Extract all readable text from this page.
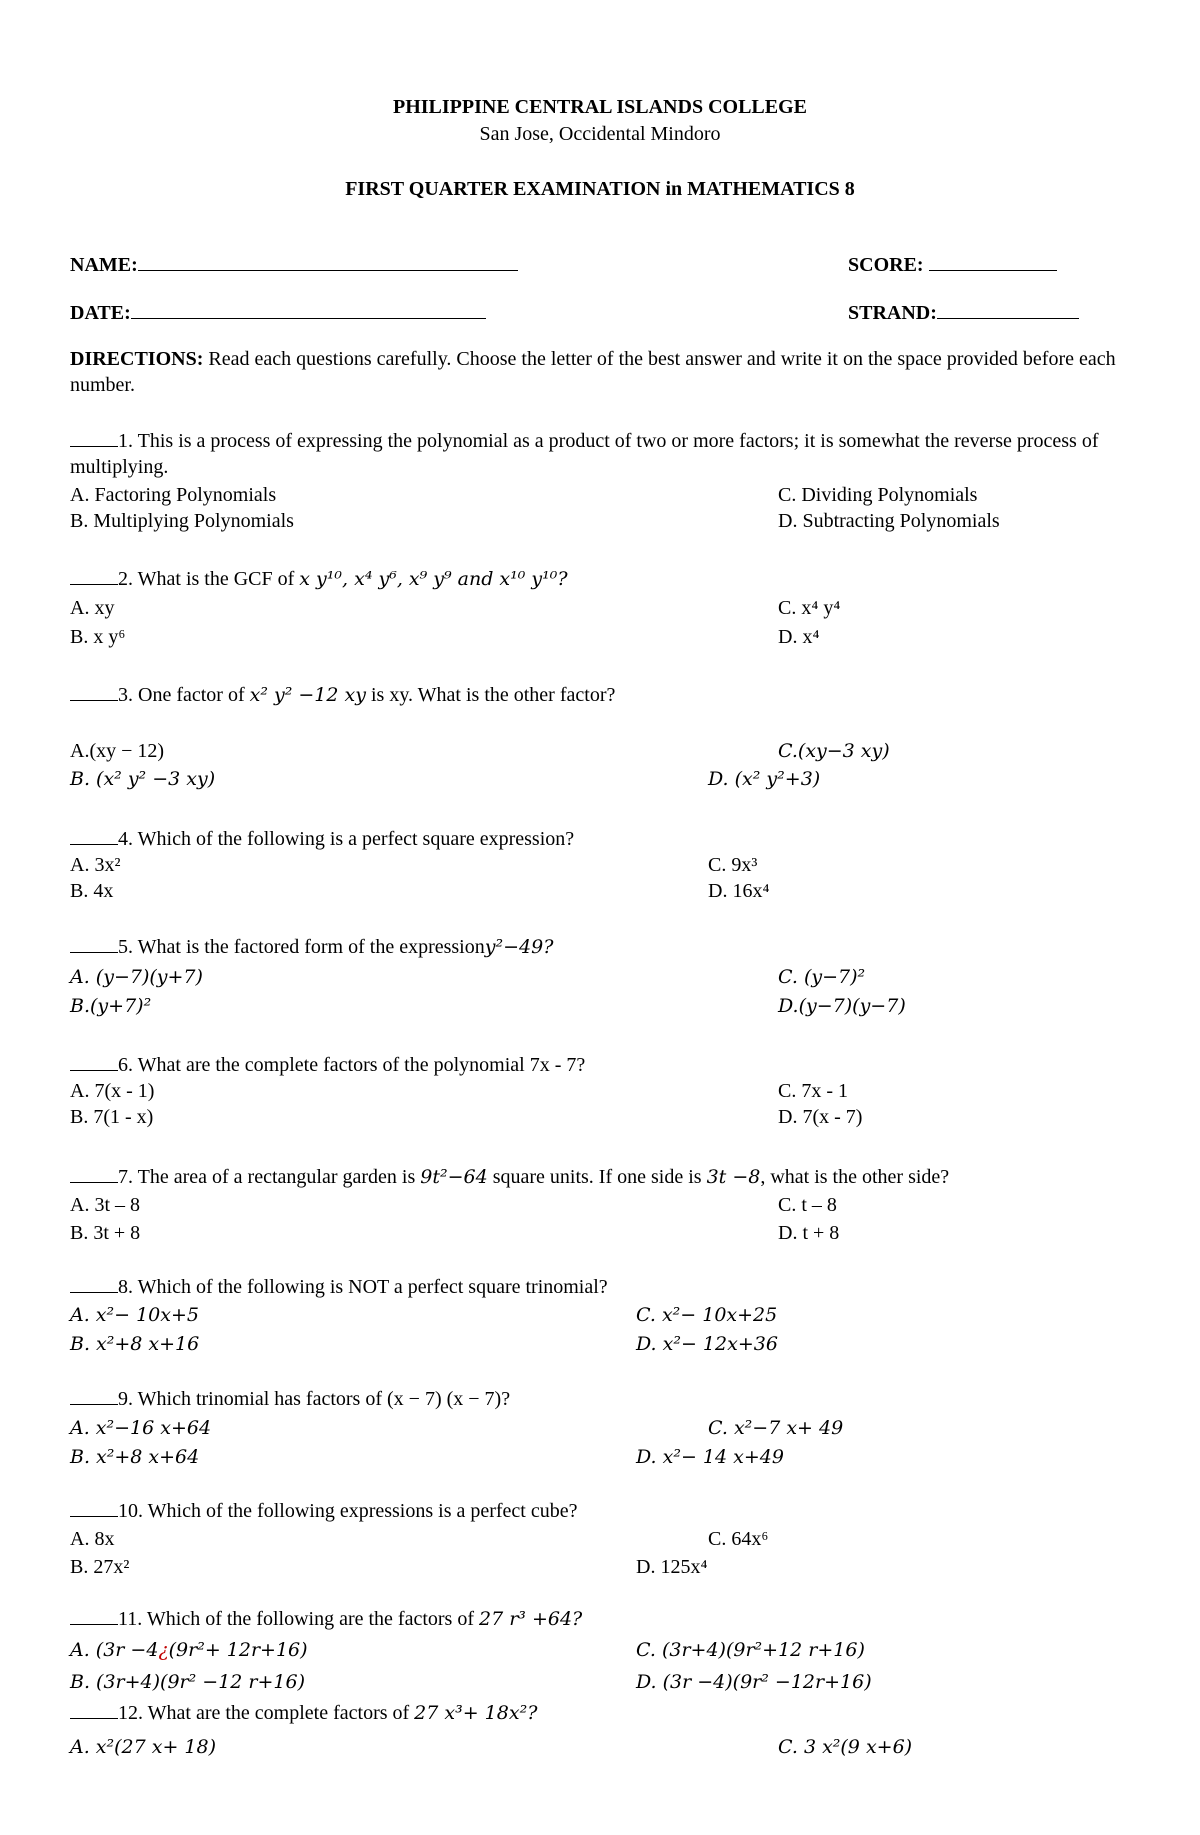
PHILIPPINE CENTRAL ISLANDS COLLEGE
San Jose, Occidental Mindoro
FIRST QUARTER EXAMINATION in MATHEMATICS 8
NAME:	SCORE:
DATE:	STRAND:
DIRECTIONS: Read each questions carefully. Choose the letter of the best answer and write it on the space provided before each number.
1. This is a process of expressing the polynomial as a product of two or more factors; it is somewhat the reverse process of multiplying.
A. Factoring Polynomials
B. Multiplying Polynomials
C. Dividing Polynomials
D. Subtracting Polynomials
2. What is the GCF of x y¹⁰, x⁴ y⁶, x⁹ y⁹ and x¹⁰ y¹⁰?
A. xy
B. x y⁶
C. x⁴ y⁴
D. x⁴
3. One factor of x² y² −12 xy is xy. What is the other factor?
A.(xy − 12)
B. (x² y² −3 xy)
C.(xy−3 xy)
D. (x² y²+3)
4. Which of the following is a perfect square expression?
A. 3x²
B. 4x
C. 9x³
D. 16x⁴
5. What is the factored form of the expressiony²−49?
A. (y−7)(y+7)
B.(y+7)²
C. (y−7)²
D.(y−7)(y−7)
6. What are the complete factors of the polynomial 7x - 7?
A. 7(x - 1)
B. 7(1 - x)
C. 7x - 1
D. 7(x - 7)
7. The area of a rectangular garden is 9t²−64 square units. If one side is 3t −8, what is the other side?
A. 3t – 8
B. 3t + 8
C. t – 8
D. t + 8
8. Which of the following is NOT a perfect square trinomial?
A. x²− 10x+5
B. x²+8 x+16
C. x²− 10x+25
D. x²− 12x+36
9. Which trinomial has factors of (x − 7) (x − 7)?
A. x²−16 x+64
B. x²+8 x+64
C. x²−7 x+ 49
D. x²− 14 x+49
10. Which of the following expressions is a perfect cube?
A. 8x
B. 27x²
C. 64x⁶
D. 125x⁴
11. Which of the following are the factors of 27 r³ +64?
A. (3r −4¿(9r²+ 12r+16)
B. (3r+4)(9r² −12 r+16)
C. (3r+4)(9r²+12 r+16)
D. (3r −4)(9r² −12r+16)
12. What are the complete factors of 27 x³+ 18x²?
A. x²(27 x+ 18)	C. 3 x²(9 x+6)
